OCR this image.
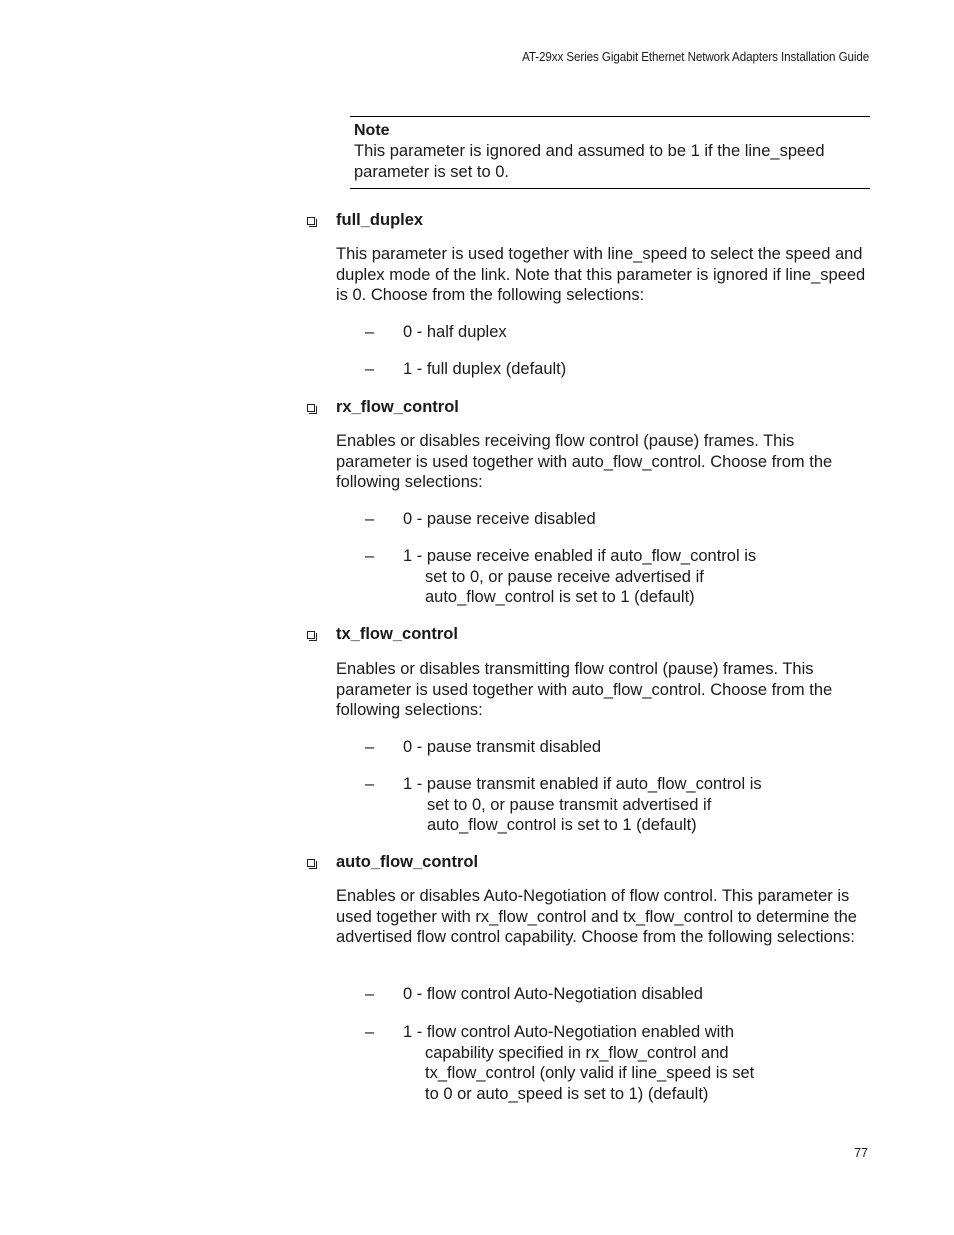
AT-29xx Series Gigabit Ethernet Network Adapters Installation Guide
Note
This parameter is ignored and assumed to be 1 if the line_speed parameter is set to 0.
full_duplex
This parameter is used together with line_speed to select the speed and duplex mode of the link. Note that this parameter is ignored if line_speed is 0. Choose from the following selections:
– 0 - half duplex
– 1 - full duplex (default)
rx_flow_control
Enables or disables receiving flow control (pause) frames. This parameter is used together with auto_flow_control. Choose from the following selections:
– 0 - pause receive disabled
– 1 - pause receive enabled if auto_flow_control is
set to 0, or pause receive advertised if
auto_flow_control is set to 1 (default)
tx_flow_control
Enables or disables transmitting flow control (pause) frames. This parameter is used together with auto_flow_control. Choose from the following selections:
– 0 - pause transmit disabled
– 1 - pause transmit enabled if auto_flow_control is
set to 0, or pause transmit advertised if
auto_flow_control is set to 1 (default)
auto_flow_control
Enables or disables Auto-Negotiation of flow control. This parameter is used together with rx_flow_control and tx_flow_control to determine the advertised flow control capability. Choose from the following selections:
– 0 - flow control Auto-Negotiation disabled
– 1 - flow control Auto-Negotiation enabled with
capability specified in rx_flow_control and
tx_flow_control (only valid if line_speed is set
to 0 or auto_speed is set to 1) (default)
77
